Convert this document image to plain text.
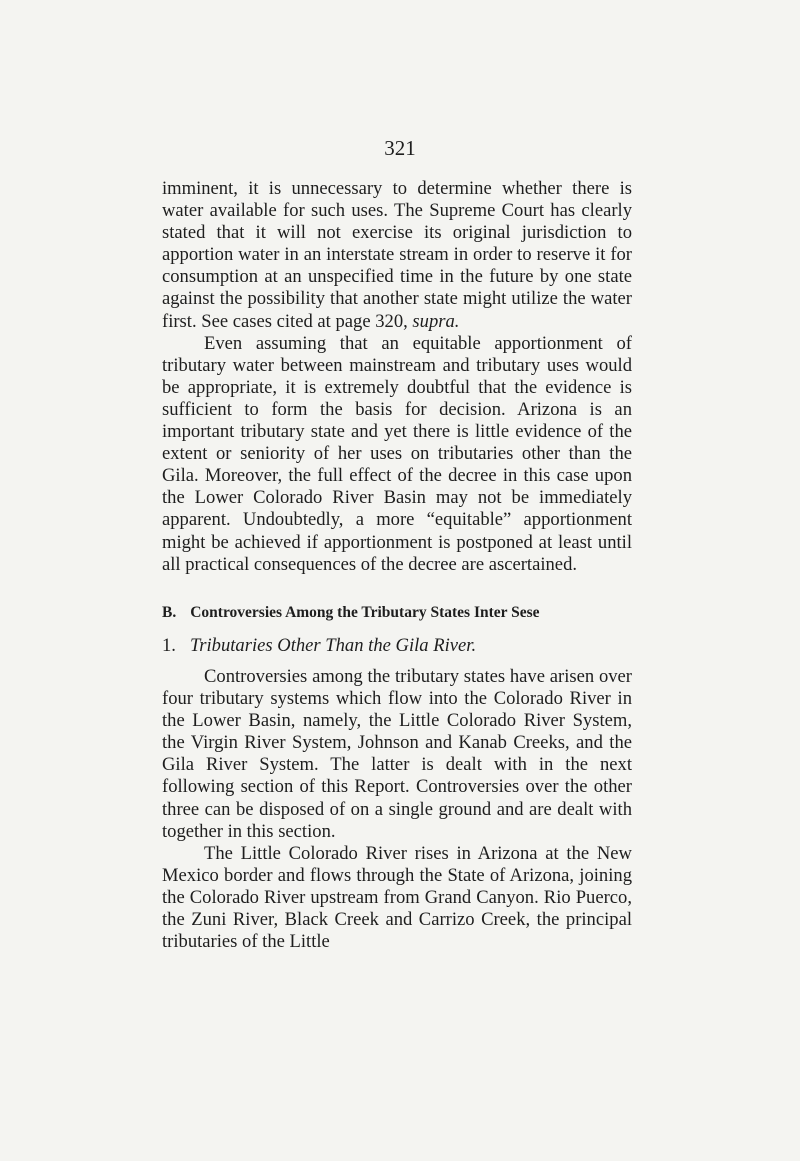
321

imminent, it is unnecessary to determine whether there is water available for such uses. The Supreme Court has clearly stated that it will not exercise its original jurisdiction to apportion water in an interstate stream in order to reserve it for consumption at an unspecified time in the future by one state against the possibility that another state might utilize the water first. See cases cited at page 320, supra.

Even assuming that an equitable apportionment of tributary water between mainstream and tributary uses would be appropriate, it is extremely doubtful that the evidence is sufficient to form the basis for decision. Arizona is an important tributary state and yet there is little evidence of the extent or seniority of her uses on tributaries other than the Gila. Moreover, the full effect of the decree in this case upon the Lower Colorado River Basin may not be immediately apparent. Undoubtedly, a more “equitable” apportionment might be achieved if apportionment is postponed at least until all practical consequences of the decree are ascertained.

B. Controversies Among the Tributary States Inter Sese
1. Tributaries Other Than the Gila River.

Controversies among the tributary states have arisen over four tributary systems which flow into the Colorado River in the Lower Basin, namely, the Little Colorado River System, the Virgin River System, Johnson and Kanab Creeks, and the Gila River System. The latter is dealt with in the next following section of this Report. Controversies over the other three can be disposed of on a single ground and are dealt with together in this section.

The Little Colorado River rises in Arizona at the New Mexico border and flows through the State of Arizona, joining the Colorado River upstream from Grand Canyon. Rio Puerco, the Zuni River, Black Creek and Carrizo Creek, the principal tributaries of the Little
